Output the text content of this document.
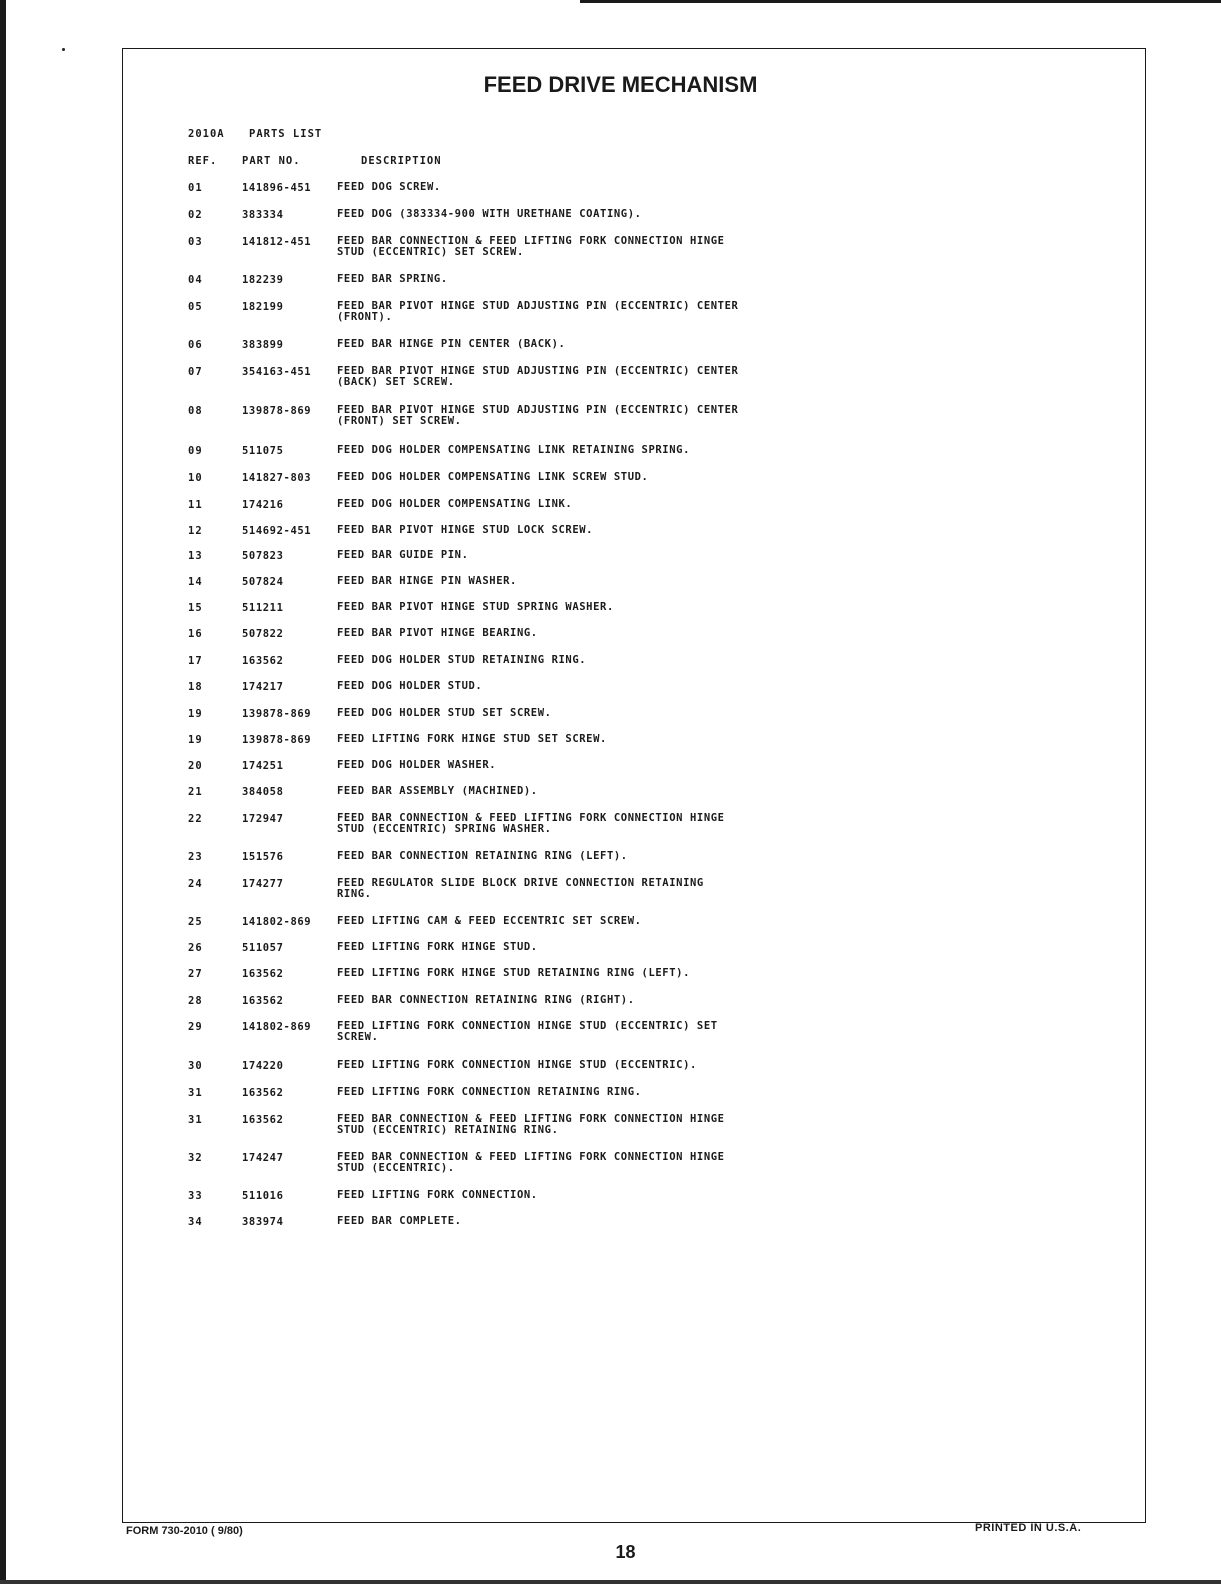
FEED DRIVE MECHANISM
2010A PARTS LIST
REF. PART NO.	DESCRIPTION
01	141896-451 FEED DOG SCREW.
02	383334	FEED DOG (383334-900 WITH URETHANE COATING).
03	141812-451 FEED BAR CONNECTION & FEED LIFTING FORK CONNECTION HINGE
STUD (ECCENTRIC) SET SCREW.
04	182239	FEED BAR SPRING.
05	182199	FEED BAR PIVOT HINGE STUD ADJUSTING PIN (ECCENTRIC) CENTER
(FRONT).
06	383899	FEED BAR HINGE PIN CENTER (BACK).
07	354163-451 FEED BAR PIVOT HINGE STUD ADJUSTING PIN (ECCENTRIC) CENTER
(BACK) SET SCREW.
08	139878-869 FEED BAR PIVOT HINGE STUD ADJUSTING PIN (ECCENTRIC) CENTER
(FRONT) SET SCREW.
09	511075	FEED DOG HOLDER COMPENSATING LINK RETAINING SPRING.
10	141827-803 FEED DOG HOLDER COMPENSATING LINK SCREW STUD.
11	174216	FEED DOG HOLDER COMPENSATING LINK.
12	514692-451 FEED BAR PIVOT HINGE STUD LOCK SCREW.
13	507823	FEED BAR GUIDE PIN.
14	507824	FEED BAR HINGE PIN WASHER.
15	511211	FEED BAR PIVOT HINGE STUD SPRING WASHER.
16	507822	FEED BAR PIVOT HINGE BEARING.
17	163562	FEED DOG HOLDER STUD RETAINING RING.
18	174217	FEED DOG HOLDER STUD.
19	139878-869 FEED DOG HOLDER STUD SET SCREW.
19	139878-869 FEED LIFTING FORK HINGE STUD SET SCREW.
20	174251	FEED DOG HOLDER WASHER.
21	384058	FEED BAR ASSEMBLY (MACHINED).
22	172947	FEED BAR CONNECTION & FEED LIFTING FORK CONNECTION HINGE
STUD (ECCENTRIC) SPRING WASHER.
23	151576	FEED BAR CONNECTION RETAINING RING (LEFT).
24	174277	FEED REGULATOR SLIDE BLOCK DRIVE CONNECTION RETAINING
RING.
25	141802-869 FEED LIFTING CAM & FEED ECCENTRIC SET SCREW.
26	511057	FEED LIFTING FORK HINGE STUD.
27	163562	FEED LIFTING FORK HINGE STUD RETAINING RING (LEFT).
28	163562	FEED BAR CONNECTION RETAINING RING (RIGHT).
29	141802-869 FEED LIFTING FORK CONNECTION HINGE STUD (ECCENTRIC) SET
SCREW.
30	174220	FEED LIFTING FORK CONNECTION HINGE STUD (ECCENTRIC).
31	163562	FEED LIFTING FORK CONNECTION RETAINING RING.
31	163562	FEED BAR CONNECTION & FEED LIFTING FORK CONNECTION HINGE
STUD (ECCENTRIC) RETAINING RING.
32	174247	FEED BAR CONNECTION & FEED LIFTING FORK CONNECTION HINGE
STUD (ECCENTRIC).
33	511016	FEED LIFTING FORK CONNECTION.
34	383974	FEED BAR COMPLETE.
FORM 730-2010 ( 9/80)	PRINTED IN U.S.A.
18
